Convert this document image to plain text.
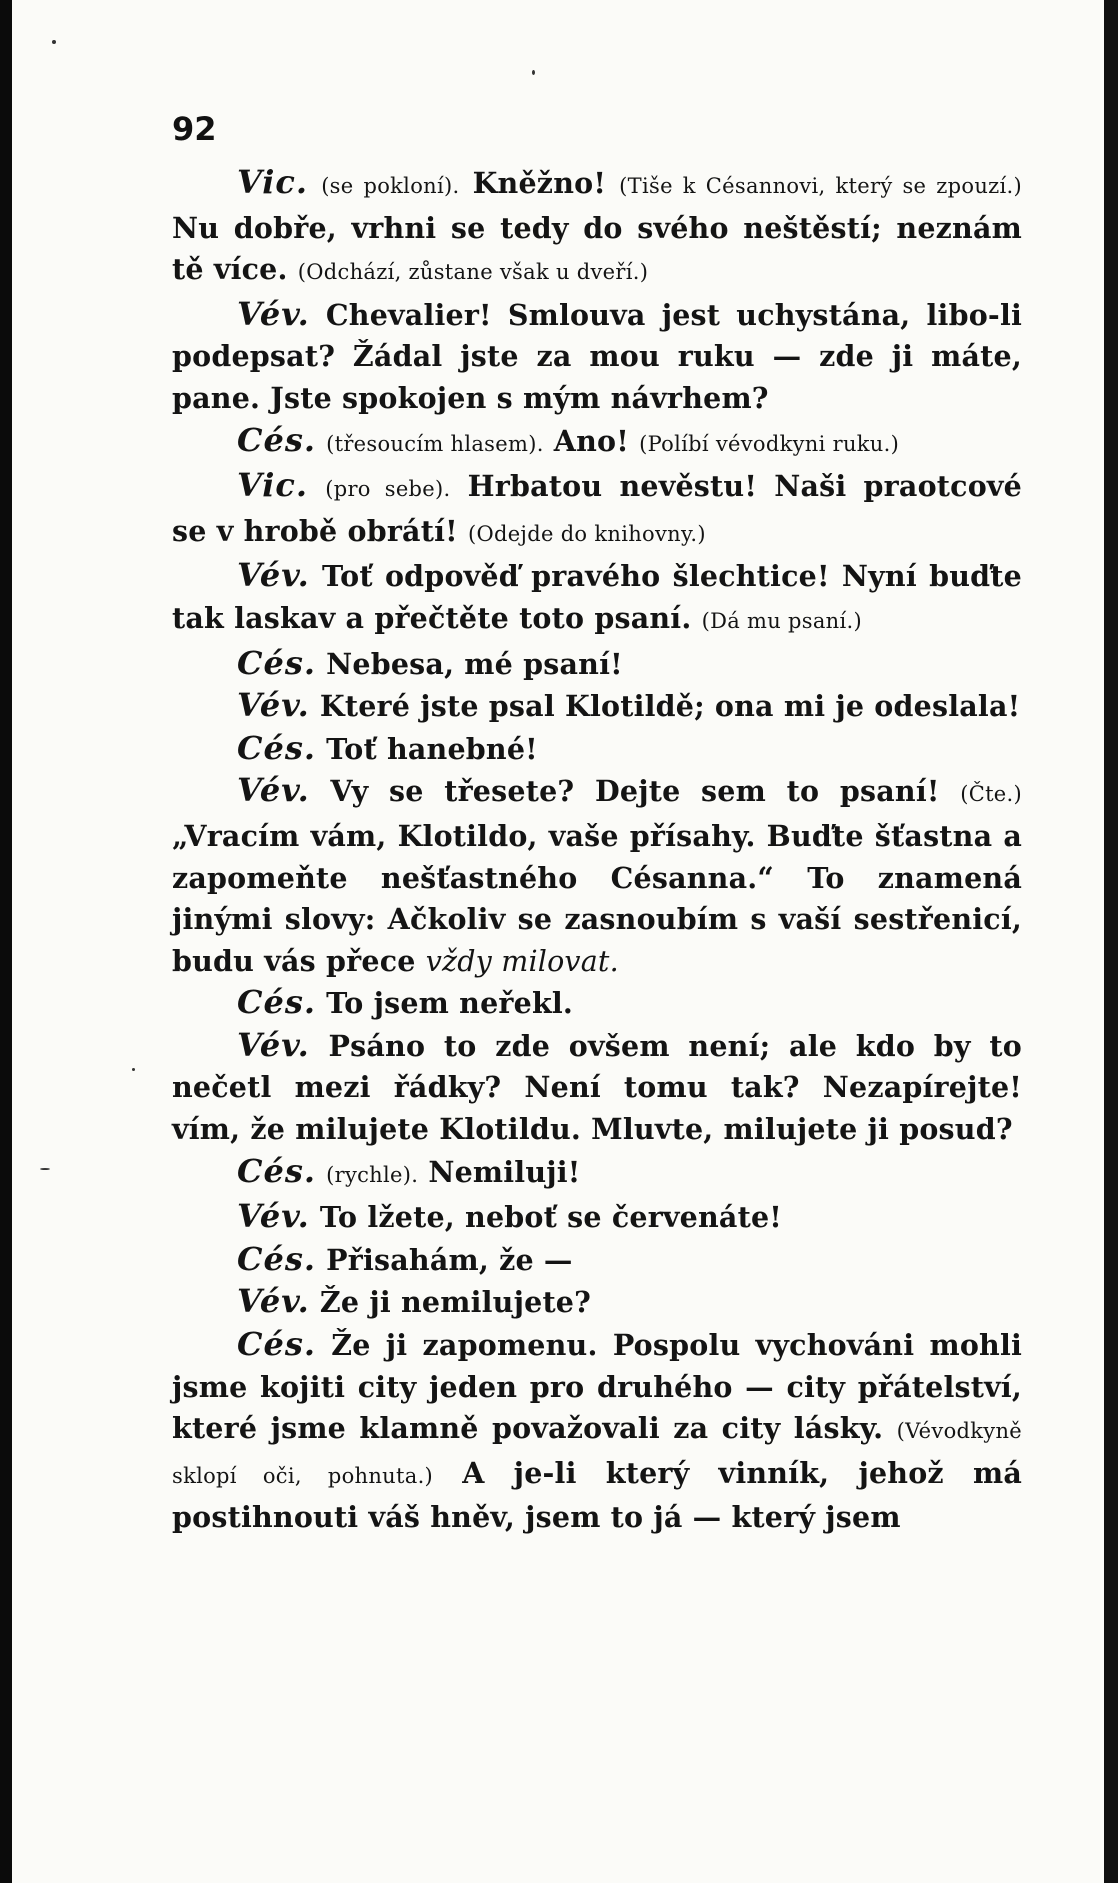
92

Vic. (se pokloní). Kněžno! (Tiše k Césannovi, který se zpouzí.) Nu dobře, vrhni se tedy do svého neštěstí; neznám tě více. (Odchází, zůstane však u dveří.)

Vév. Chevalier! Smlouva jest uchystána, libo-li podepsat? Žádal jste za mou ruku — zde ji máte, pane. Jste spokojen s mým návrhem?

Cés. (třesoucím hlasem). Ano! (Políbí vévodkyni ruku.)

Vic. (pro sebe). Hrbatou nevěstu! Naši praotcové se v hrobě obrátí! (Odejde do knihovny.)

Vév. Toť odpověď pravého šlechtice! Nyní buďte tak laskav a přečtěte toto psaní. (Dá mu psaní.)

Cés. Nebesa, mé psaní!

Vév. Které jste psal Klotildě; ona mi je odeslala!

Cés. Toť hanebné!

Vév. Vy se třesete? Dejte sem to psaní! (Čte.) „Vracím vám, Klotildo, vaše přísahy. Buďte šťastna a zapomeňte nešťastného Césanna.“ To znamená jinými slovy: Ačkoliv se zasnoubím s vaší sestřenicí, budu vás přece vždy milovat.

Cés. To jsem neřekl.

Vév. Psáno to zde ovšem není; ale kdo by to nečetl mezi řádky? Není tomu tak? Nezapírejte! vím, že milujete Klotildu. Mluvte, milujete ji posud?

Cés. (rychle). Nemiluji!

Vév. To lžete, neboť se červenáte!

Cés. Přisahám, že —

Vév. Že ji nemilujete?

Cés. Že ji zapomenu. Pospolu vychováni mohli jsme kojiti city jeden pro druhého — city přátelství, které jsme klamně považovali za city lásky. (Vévodkyně sklopí oči, pohnuta.) A je-li který vinník, jehož má postihnouti váš hněv, jsem to já — který jsem
